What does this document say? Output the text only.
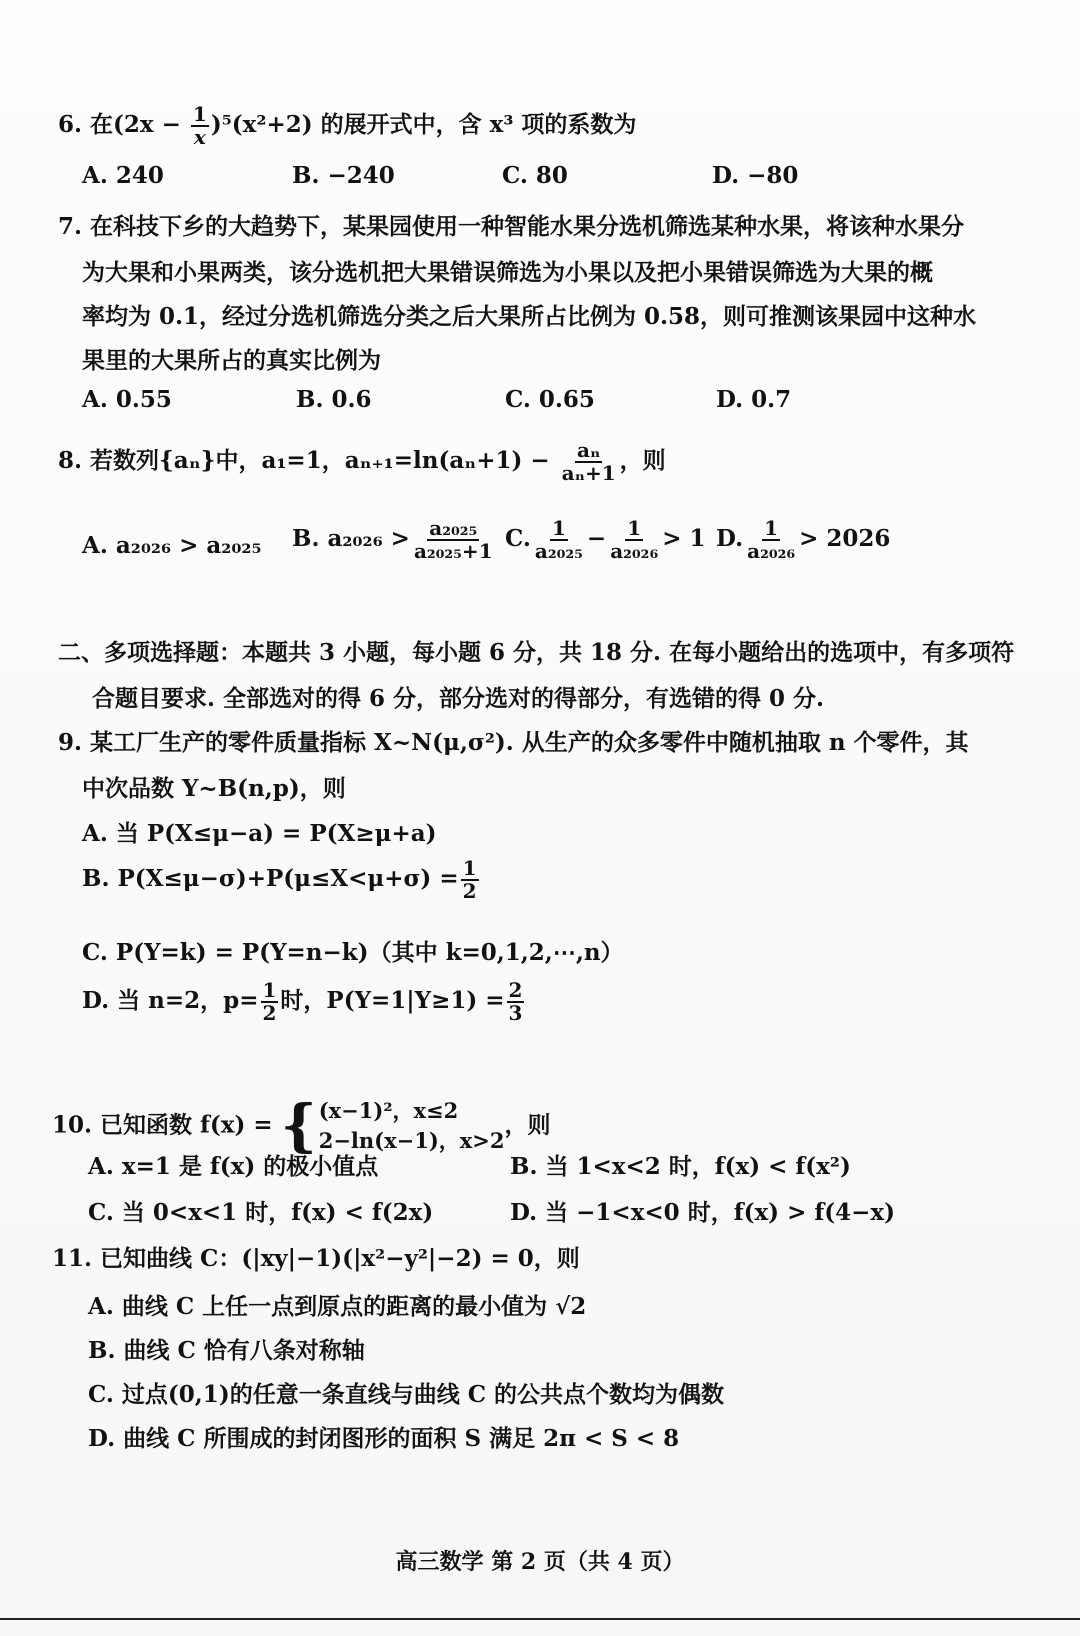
6. 在$(2x - \frac{1}{x} )^5(x^2+2)$ 的展开式中，含 x³ 项的系数为
A. 240	B. −240	C. 80	D. −80
7. 在科技下乡的大趋势下，某果园使用一种智能水果分选机筛选某种水果，将该种水果分
为大果和小果两类，该分选机把大果错误筛选为小果以及把小果错误筛选为大果的概
率均为 0.1，经过分选机筛选分类之后大果所占比例为 0.58，则可推测该果园中这种水
果里的大果所占的真实比例为
A. 0.55	B. 0.6	C. 0.65	D. 0.7
8. 若数列{aₙ}中，a₁=1，$a_{n+1}=\ln(a_n+1) - \frac{\text{aₙ}}{\text{aₙ+1}}$ ，则
A. a₂₀₂₆ > a₂₀₂₅ B. $a_{2026} > \frac{\text{a₂₀₂₅}}{\text{a₂₀₂₅+1}} C$. $\frac{1}{\text{a₂₀₂₅}} - \frac{1}{\text{a₂₀₂₆}} > 1$ D. $\frac{1}{\text{a₂₀₂₆}} > 2026$
二、多项选择题：本题共 3 小题，每小题 6 分，共 18 分. 在每小题给出的选项中，有多项符
合题目要求. 全部选对的得 6 分，部分选对的得部分，有选错的得 0 分.
9. 某工厂生产的零件质量指标 X~N(μ,σ²). 从生产的众多零件中随机抽取 n 个零件，其
中次品数 Y~B(n,p)，则
A. 当 P(X≤μ−a) = P(X≥μ+a)
B. $P(X\le\mu-\sigma)+P(\mu\le X<\mu+\sigma) = \frac{1}{2}$
C. P(Y=k) = P(Y=n−k)（其中 k=0,1,2,⋯,n）
D. 当 n=2，$p= \frac{1}{2}$ 时，$P(Y=1|Y\ge 1) = \frac{2}{3}$
10. 已知函数 f(x) = { (x−1)²，x≤2
2−ln(x−1)，x>2
，则
A. x=1 是 f(x) 的极小值点	B. 当 1<x<2 时，f(x) < f(x²)
C. 当 0<x<1 时，f(x) < f(2x)	D. 当 −1<x<0 时，f(x) > f(4−x)
11. 已知曲线 C：(|xy|−1)(|x²−y²|−2) = 0，则
A. 曲线 C 上任一点到原点的距离的最小值为 √2
B. 曲线 C 恰有八条对称轴
C. 过点(0,1)的任意一条直线与曲线 C 的公共点个数均为偶数
D. 曲线 C 所围成的封闭图形的面积 S 满足 2π < S < 8
高三数学 第 2 页（共 4 页）
